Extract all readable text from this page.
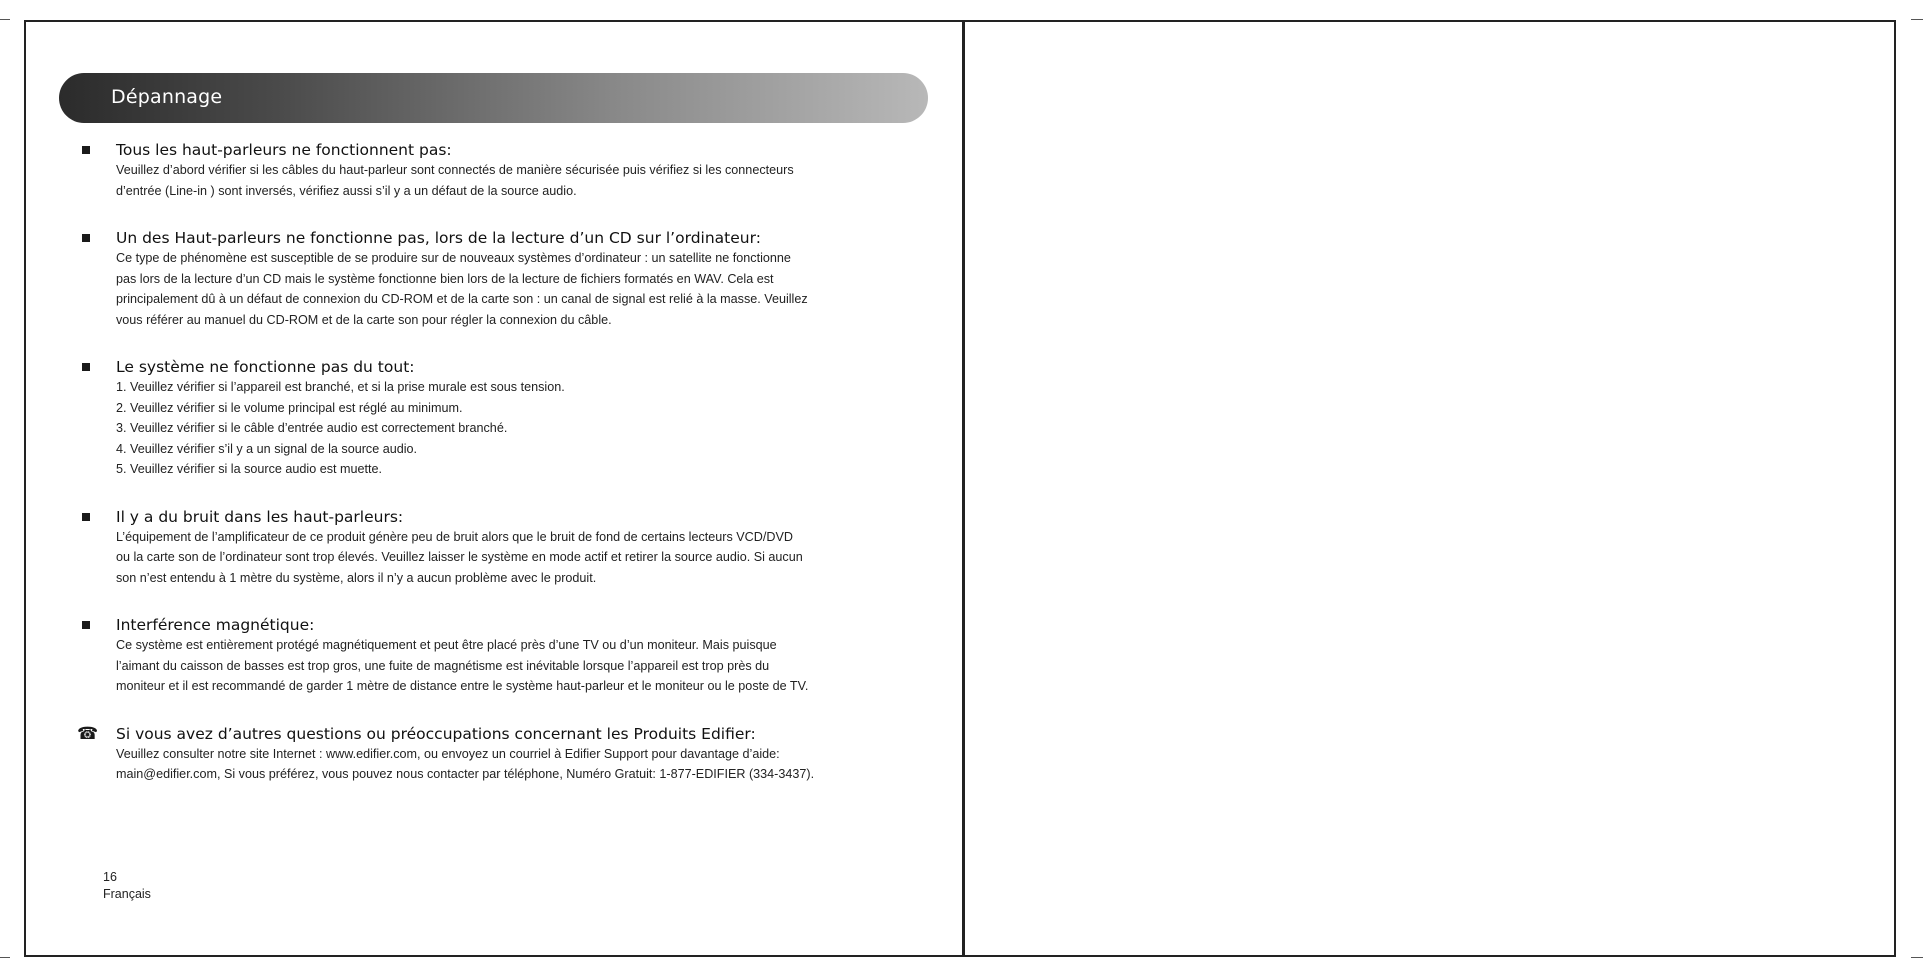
Dépannage
Tous les haut-parleurs ne fonctionnent pas:
Veuillez d’abord vérifier si les câbles du haut-parleur sont connectés de manière sécurisée puis vérifiez si les connecteurs
d’entrée (Line-in ) sont inversés, vérifiez aussi s’il y a un défaut de la source audio.
Un des Haut-parleurs ne fonctionne pas, lors de la lecture d’un CD sur l’ordinateur:
Ce type de phénomène est susceptible de se produire sur de nouveaux systèmes d’ordinateur : un satellite ne fonctionne
pas lors de la lecture d’un CD mais le système fonctionne bien lors de la lecture de fichiers formatés en WAV. Cela est
principalement dû à un défaut de connexion du CD-ROM et de la carte son : un canal de signal est relié à la masse. Veuillez
vous référer au manuel du CD-ROM et de la carte son pour régler la connexion du câble.
Le système ne fonctionne pas du tout:
1. Veuillez vérifier si l’appareil est branché, et si la prise murale est sous tension.
2. Veuillez vérifier si le volume principal est réglé au minimum.
3. Veuillez vérifier si le câble d’entrée audio est correctement branché.
4. Veuillez vérifier s’il y a un signal de la source audio.
5. Veuillez vérifier si la source audio est muette.
Il y a du bruit dans les haut-parleurs:
L’équipement de l’amplificateur de ce produit génère peu de bruit alors que le bruit de fond de certains lecteurs VCD/DVD
ou la carte son de l’ordinateur sont trop élevés. Veuillez laisser le système en mode actif et retirer la source audio. Si aucun
son n’est entendu à 1 mètre du système, alors il n’y a aucun problème avec le produit.
Interférence magnétique:
Ce système est entièrement protégé magnétiquement et peut être placé près d’une TV ou d’un moniteur. Mais puisque
l’aimant du caisson de basses est trop gros, une fuite de magnétisme est inévitable lorsque l’appareil est trop près du
moniteur et il est recommandé de garder 1 mètre de distance entre le système haut-parleur et le moniteur ou le poste de TV.
☎	Si vous avez d’autres questions ou préoccupations concernant les Produits Edifier:
Veuillez consulter notre site Internet : www.edifier.com, ou envoyez un courriel à Edifier Support pour davantage d’aide:
main@edifier.com, Si vous préférez, vous pouvez nous contacter par téléphone, Numéro Gratuit: 1-877-EDIFIER (334-3437).
16
Français
